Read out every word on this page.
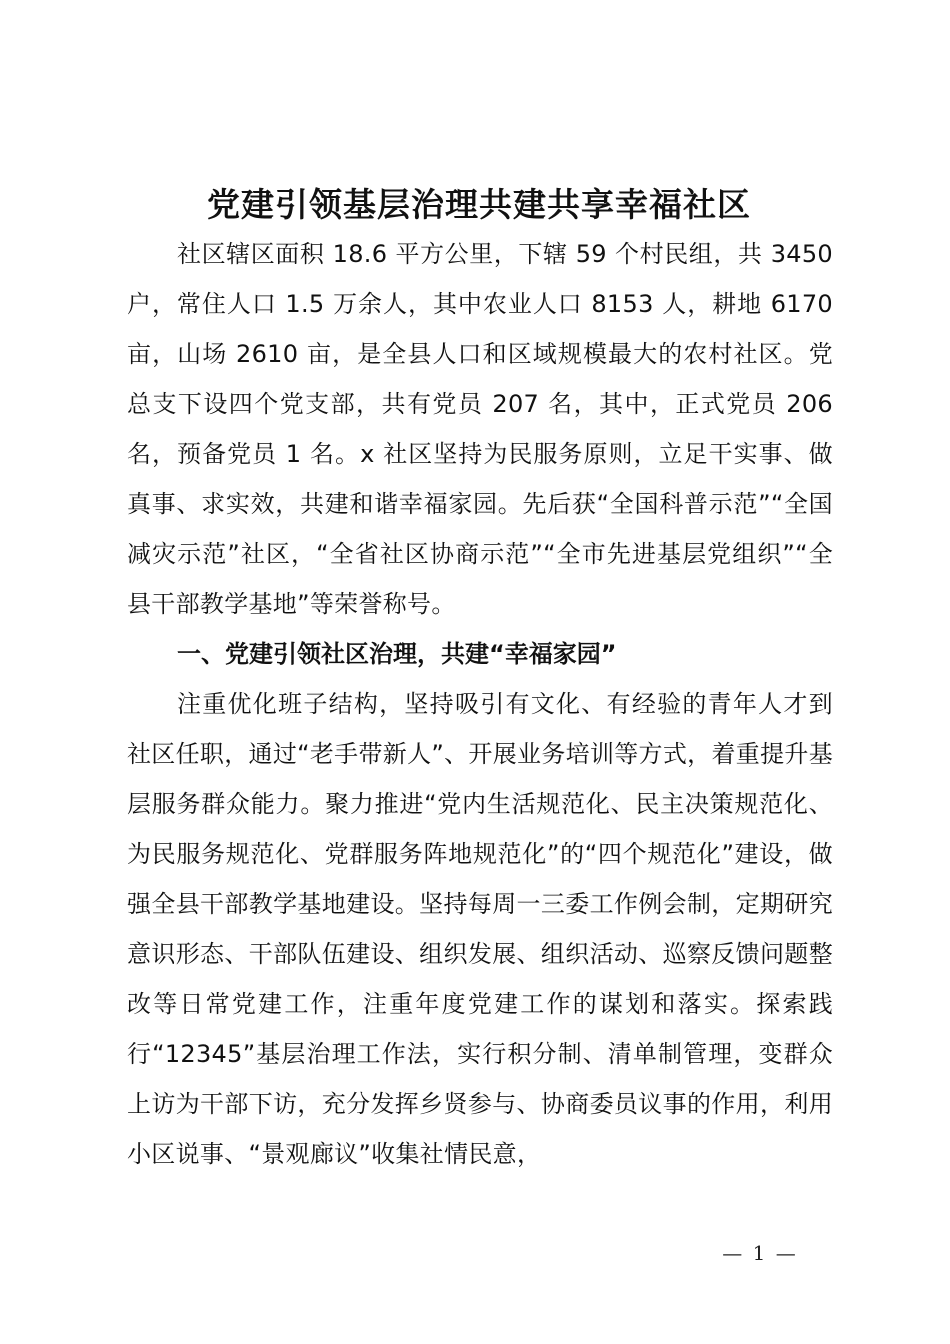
党建引领基层治理共建共享幸福社区

社区辖区面积 18.6 平方公里，下辖 59 个村民组，共 3450 户，常住人口 1.5 万余人，其中农业人口 8153 人，耕地 6170 亩，山场 2610 亩，是全县人口和区域规模最大的农村社区。党总支下设四个党支部，共有党员 207 名，其中，正式党员 206 名，预备党员 1 名。x 社区坚持为民服务原则，立足干实事、做真事、求实效，共建和谐幸福家园。先后获“全国科普示范”“全国减灾示范”社区，“全省社区协商示范”“全市先进基层党组织”“全县干部教学基地”等荣誉称号。

一、党建引领社区治理，共建“幸福家园”

注重优化班子结构，坚持吸引有文化、有经验的青年人才到社区任职，通过“老手带新人”、开展业务培训等方式，着重提升基层服务群众能力。聚力推进“党内生活规范化、民主决策规范化、为民服务规范化、党群服务阵地规范化”的“四个规范化”建设，做强全县干部教学基地建设。坚持每周一三委工作例会制，定期研究意识形态、干部队伍建设、组织发展、组织活动、巡察反馈问题整改等日常党建工作，注重年度党建工作的谋划和落实。探索践行“12345”基层治理工作法，实行积分制、清单制管理，变群众上访为干部下访，充分发挥乡贤参与、协商委员议事的作用，利用小区说事、“景观廊议”收集社情民意，

— 1 —
